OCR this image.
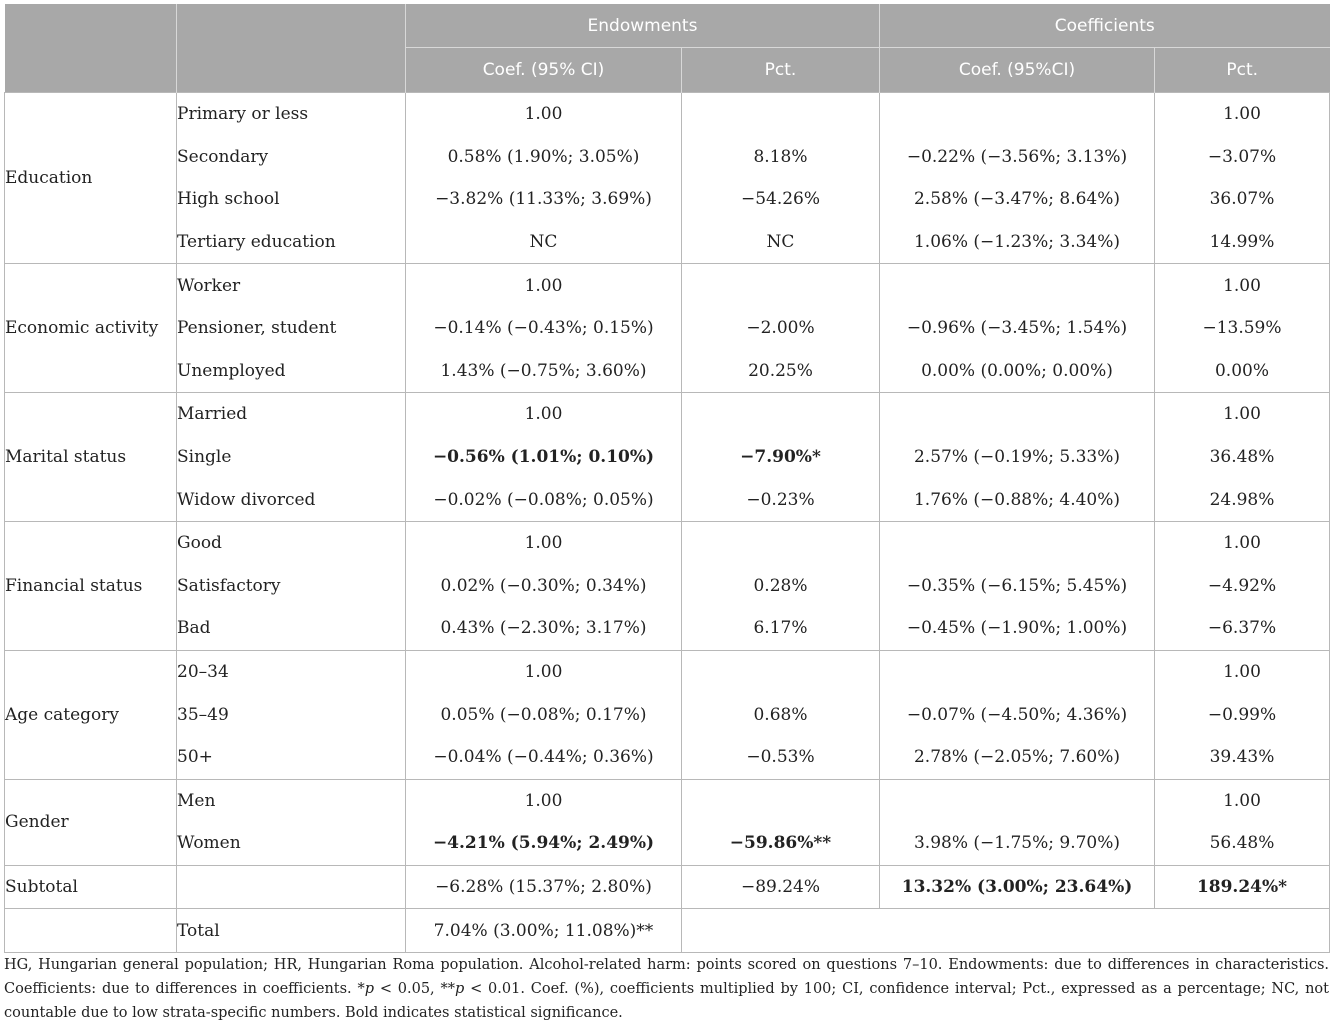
		Endowments		Coefficients	
		Coef. (95% CI)	Pct.	Coef. (95%CI)	Pct.
Education	Primary or less	1.00			1.00
	Secondary	0.58% (1.90%; 3.05%)	8.18%	−0.22% (−3.56%; 3.13%)	−3.07%
	High school	−3.82% (11.33%; 3.69%)	−54.26%	2.58% (−3.47%; 8.64%)	36.07%
	Tertiary education	NC	NC	1.06% (−1.23%; 3.34%)	14.99%
Economic activity	Worker	1.00			1.00
	Pensioner, student	−0.14% (−0.43%; 0.15%)	−2.00%	−0.96% (−3.45%; 1.54%)	−13.59%
	Unemployed	1.43% (−0.75%; 3.60%)	20.25%	0.00% (0.00%; 0.00%)	0.00%
Marital status	Married	1.00			1.00
	Single	−0.56% (1.01%; 0.10%)	−7.90%*	2.57% (−0.19%; 5.33%)	36.48%
	Widow divorced	−0.02% (−0.08%; 0.05%)	−0.23%	1.76% (−0.88%; 4.40%)	24.98%
Financial status	Good	1.00			1.00
	Satisfactory	0.02% (−0.30%; 0.34%)	0.28%	−0.35% (−6.15%; 5.45%)	−4.92%
	Bad	0.43% (−2.30%; 3.17%)	6.17%	−0.45% (−1.90%; 1.00%)	−6.37%
Age category	20–34	1.00			1.00
	35–49	0.05% (−0.08%; 0.17%)	0.68%	−0.07% (−4.50%; 4.36%)	−0.99%
	50+	−0.04% (−0.44%; 0.36%)	−0.53%	2.78% (−2.05%; 7.60%)	39.43%
Gender	Men	1.00			1.00
	Women	−4.21% (5.94%; 2.49%)	−59.86%**	3.98% (−1.75%; 9.70%)	56.48%
Subtotal		−6.28% (15.37%; 2.80%)	−89.24%	13.32% (3.00%; 23.64%)	189.24%*
	Total	7.04% (3.00%; 11.08%)**			
HG, Hungarian general population; HR, Hungarian Roma population. Alcohol-related harm: points scored on questions 7–10. Endowments: due to differences in characteristics. Coefficients: due to differences in coefficients. *p < 0.05, **p < 0.01. Coef. (%), coefficients multiplied by 100; CI, confidence interval; Pct., expressed as a percentage; NC, not countable due to low strata-specific numbers. Bold indicates statistical significance.
